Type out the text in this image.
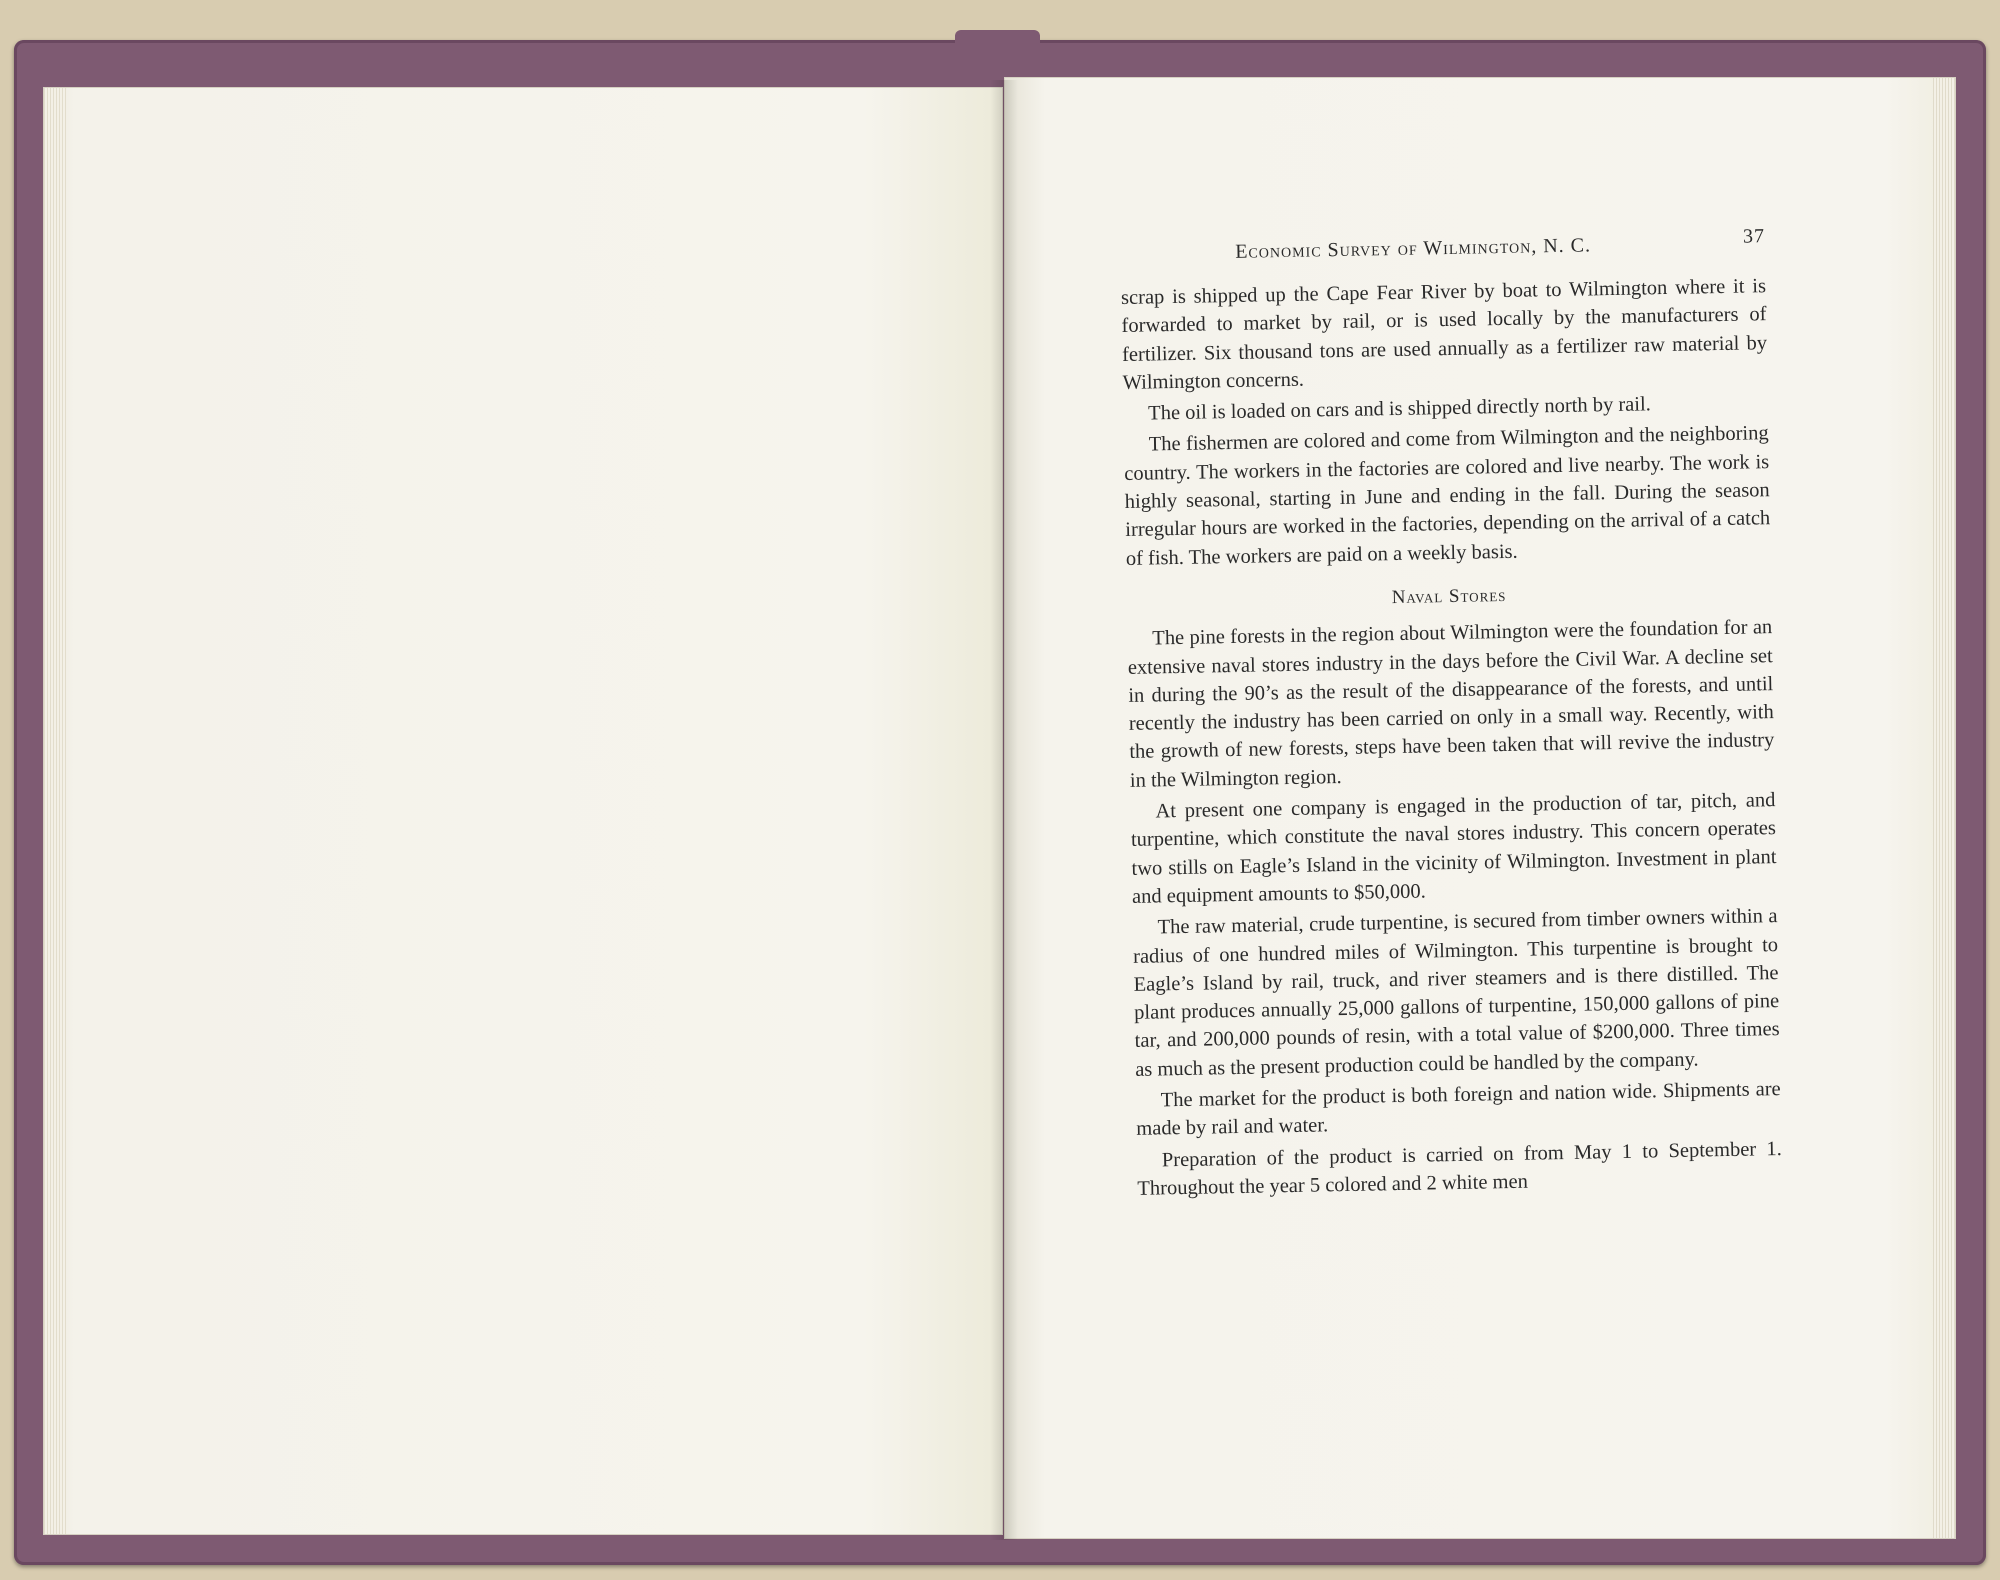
Economic Survey of Wilmington, N. C.	37

scrap is shipped up the Cape Fear River by boat to Wilmington where it is forwarded to market by rail, or is used locally by the manufacturers of fertilizer. Six thousand tons are used annually as a fertilizer raw material by Wilmington concerns.

The oil is loaded on cars and is shipped directly north by rail.

The fishermen are colored and come from Wilmington and the neighboring country. The workers in the factories are colored and live nearby. The work is highly seasonal, starting in June and ending in the fall. During the season irregular hours are worked in the factories, depending on the arrival of a catch of fish. The workers are paid on a weekly basis.

Naval Stores

The pine forests in the region about Wilmington were the foundation for an extensive naval stores industry in the days before the Civil War. A decline set in during the 90’s as the result of the disappearance of the forests, and until recently the industry has been carried on only in a small way. Recently, with the growth of new forests, steps have been taken that will revive the industry in the Wilmington region.

At present one company is engaged in the production of tar, pitch, and turpentine, which constitute the naval stores industry. This concern operates two stills on Eagle’s Island in the vicinity of Wilmington. Investment in plant and equipment amounts to $50,000.

The raw material, crude turpentine, is secured from timber owners within a radius of one hundred miles of Wilmington. This turpentine is brought to Eagle’s Island by rail, truck, and river steamers and is there distilled. The plant produces annually 25,000 gallons of turpentine, 150,000 gallons of pine tar, and 200,000 pounds of resin, with a total value of $200,000. Three times as much as the present production could be handled by the company.

The market for the product is both foreign and nation wide. Shipments are made by rail and water.

Preparation of the product is carried on from May 1 to September 1. Throughout the year 5 colored and 2 white men
